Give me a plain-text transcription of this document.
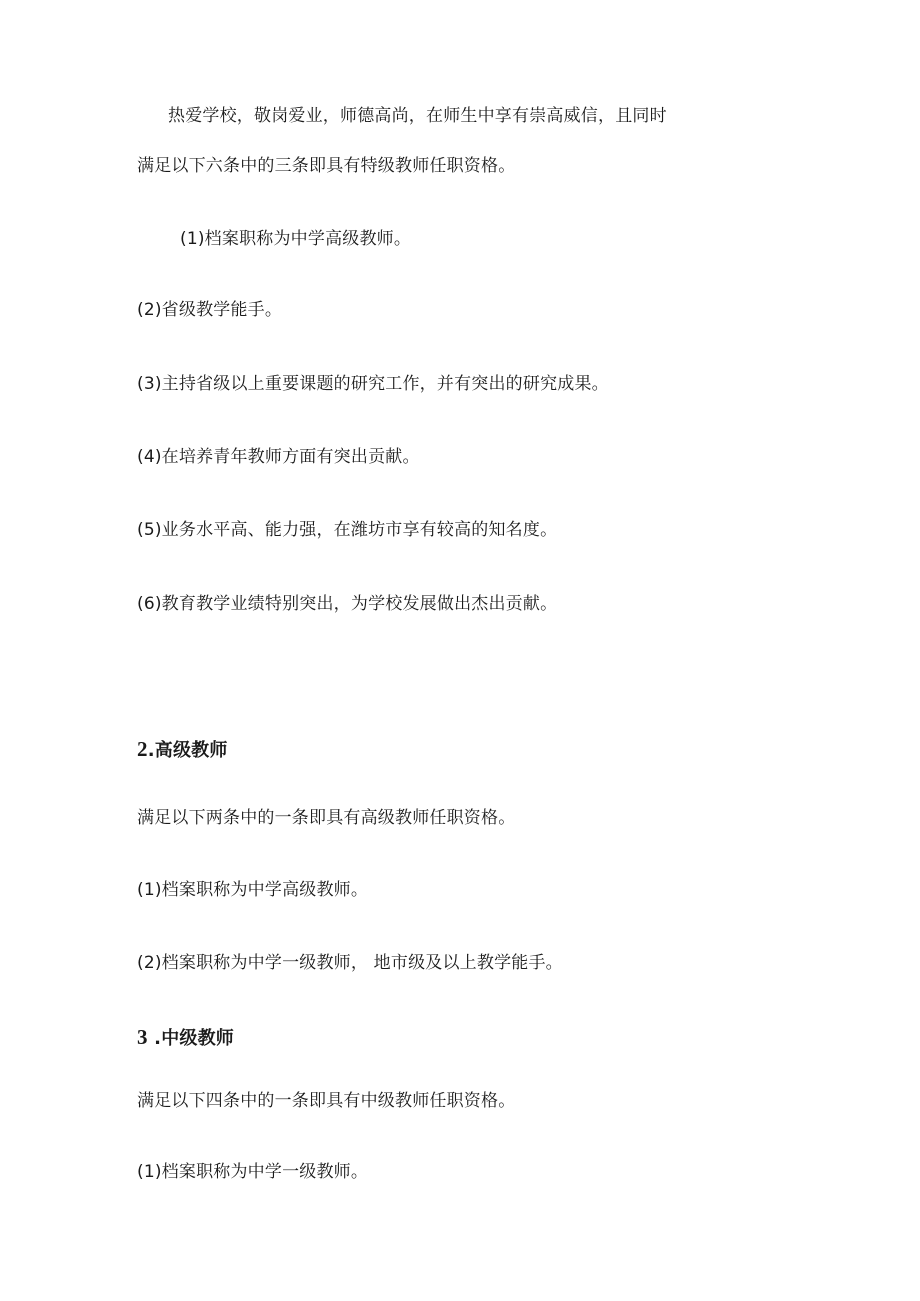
热爱学校，敬岗爱业，师德高尚，在师生中享有崇高威信，且同时
满足以下六条中的三条即具有特级教师任职资格。
(1)档案职称为中学高级教师。
(2)省级教学能手。
(3)主持省级以上重要课题的研究工作，并有突出的研究成果。
(4)在培养青年教师方面有突出贡献。
(5)业务水平高、能力强，在潍坊市享有较高的知名度。
(6)教育教学业绩特别突出，为学校发展做出杰出贡献。
2.高级教师
满足以下两条中的一条即具有高级教师任职资格。
(1)档案职称为中学高级教师。
(2)档案职称为中学一级教师， 地市级及以上教学能手。
3 .中级教师
满足以下四条中的一条即具有中级教师任职资格。
(1)档案职称为中学一级教师。
